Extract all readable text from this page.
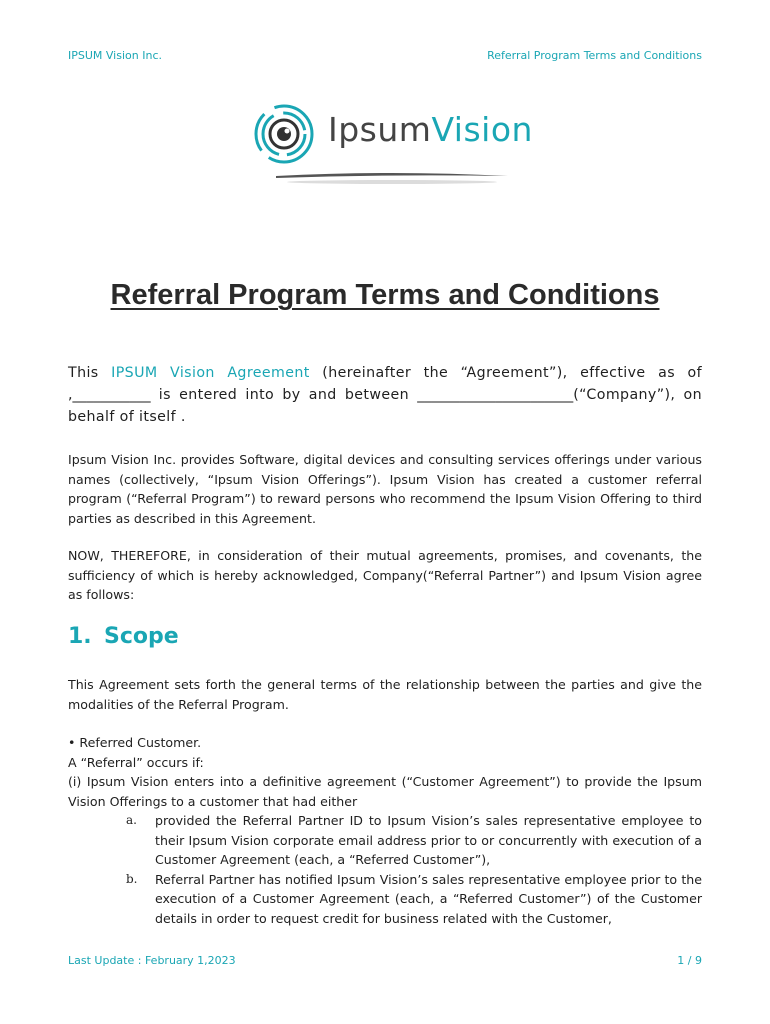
IPSUM Vision Inc.	Referral Program Terms and Conditions
IpsumVision
Referral Program Terms and Conditions

This IPSUM Vision Agreement (hereinafter the “Agreement”), effective as of ,___________ is entered into by and between ______________________(“Company”), on behalf of itself .

Ipsum Vision Inc. provides Software, digital devices and consulting services offerings under various names (collectively, “Ipsum Vision Offerings”). Ipsum Vision has created a customer referral program (“Referral Program”) to reward persons who recommend the Ipsum Vision Offering to third parties as described in this Agreement.

NOW, THEREFORE, in consideration of their mutual agreements, promises, and covenants, the sufficiency of which is hereby acknowledged, Company(“Referral Partner”) and Ipsum Vision agree as follows:

1. Scope

This Agreement sets forth the general terms of the relationship between the parties and give the modalities of the Referral Program.

• Referred Customer.

A “Referral” occurs if:

(i) Ipsum Vision enters into a definitive agreement (“Customer Agreement”) to provide the Ipsum Vision Offerings to a customer that had either

a. provided the Referral Partner ID to Ipsum Vision’s sales representative employee to their Ipsum Vision corporate email address prior to or concurrently with execution of a Customer Agreement (each, a “Referred Customer”),
b. Referral Partner has notified Ipsum Vision’s sales representative employee prior to the execution of a Customer Agreement (each, a “Referred Customer”) of the Customer details in order to request credit for business related with the Customer,
Last Update : February 1,2023	1 / 9
